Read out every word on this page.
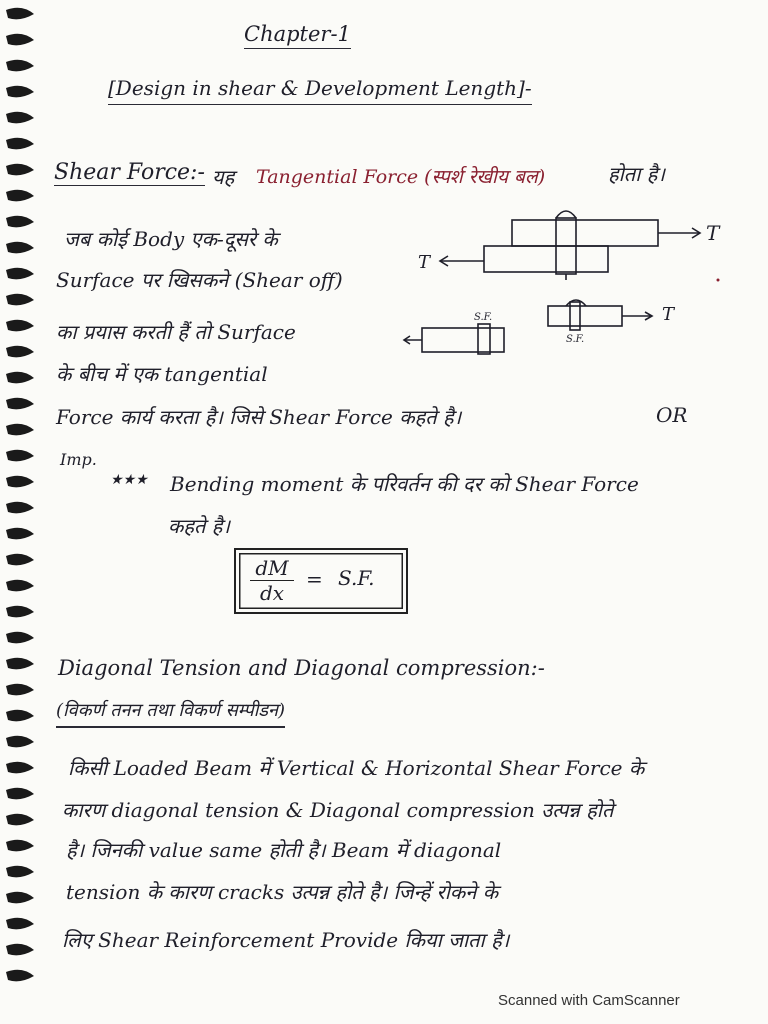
Chapter-1
[Design in shear & Development Length]-
Shear Force:- यह Tangential Force (स्पर्श रेखीय बल)	होता है।
जब कोई Body एक-दूसरे के
Surface पर खिसकने (Shear off)
का प्रयास करती हैं तो Surface
के बीच में एक tangential
Force कार्य करता है। जिसे Shear Force कहते है।	OR
Imp.
★★★ Bending moment के परिवर्तन की दर को Shear Force
कहते है।
$\frac{dM}{dx} = S.F$.
T
T
T
S.F.
S.F.
Diagonal Tension and Diagonal compression:-
(विकर्ण तनन तथा विकर्ण सम्पीडन)
किसी Loaded Beam में Vertical & Horizontal Shear Force के
कारण diagonal tension & Diagonal compression उत्पन्न होते
है। जिनकी value same होती है। Beam में diagonal
tension के कारण cracks उत्पन्न होते है। जिन्हें रोकने के
लिए Shear Reinforcement Provide किया जाता है।
Scanned with CamScanner
